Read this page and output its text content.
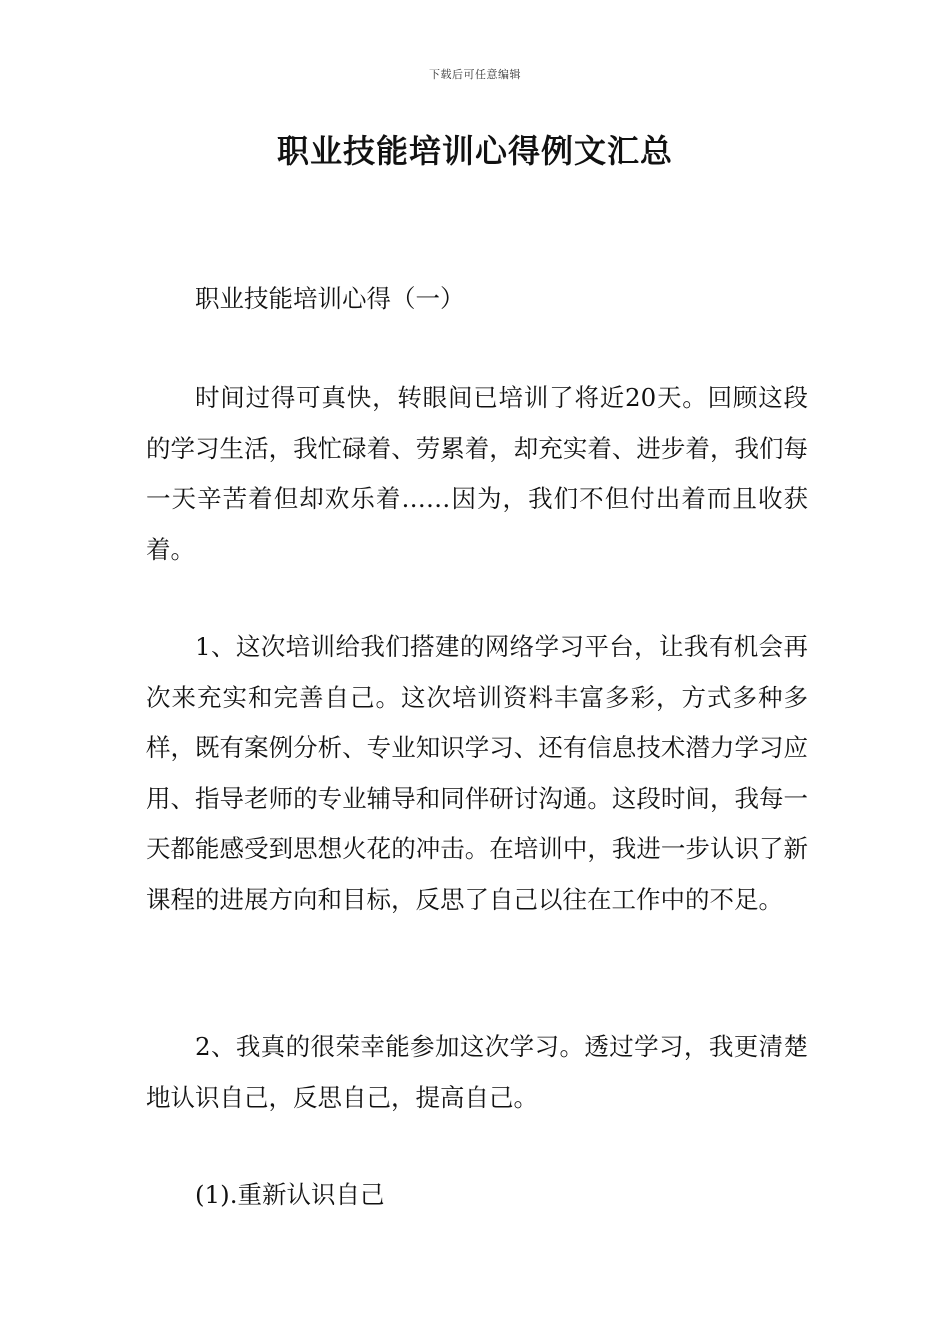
下载后可任意编辑
职业技能培训心得例文汇总

职业技能培训心得（一）

时间过得可真快，转眼间已培训了将近20天。回顾这段的学习生活，我忙碌着、劳累着，却充实着、进步着，我们每一天辛苦着但却欢乐着……因为，我们不但付出着而且收获着。

1、这次培训给我们搭建的网络学习平台，让我有机会再次来充实和完善自己。这次培训资料丰富多彩，方式多种多样，既有案例分析、专业知识学习、还有信息技术潜力学习应用、指导老师的专业辅导和同伴研讨沟通。这段时间，我每一天都能感受到思想火花的冲击。在培训中，我进一步认识了新课程的进展方向和目标，反思了自己以往在工作中的不足。

2、我真的很荣幸能参加这次学习。透过学习，我更清楚地认识自己，反思自己，提高自己。

(1).重新认识自己
